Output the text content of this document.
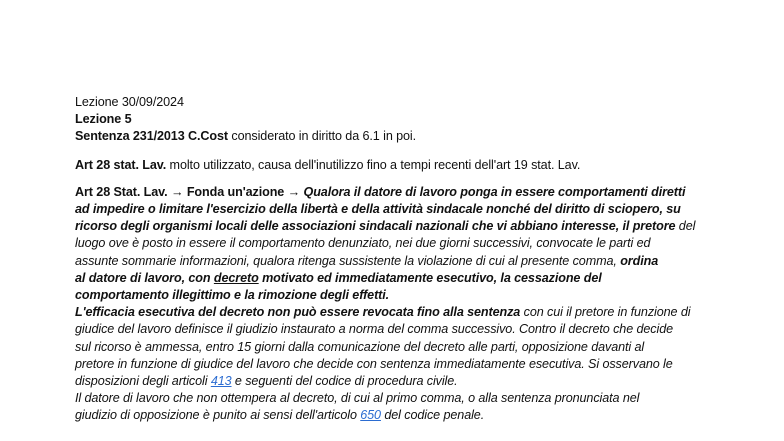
Lezione 30/09/2024
Lezione 5
Sentenza 231/2013 C.Cost considerato in diritto da 6.1 in poi.
Art 28 stat. Lav. molto utilizzato, causa dell'inutilizzo fino a tempi recenti dell'art 19 stat. Lav.
Art 28 Stat. Lav. → Fonda un'azione → Qualora il datore di lavoro ponga in essere comportamenti diretti
ad impedire o limitare l'esercizio della libertà e della attività sindacale nonché del diritto di sciopero, su
ricorso degli organismi locali delle associazioni sindacali nazionali che vi abbiano interesse, il pretore del
luogo ove è posto in essere il comportamento denunziato, nei due giorni successivi, convocate le parti ed
assunte sommarie informazioni, qualora ritenga sussistente la violazione di cui al presente comma, ordina
al datore di lavoro, con decreto motivato ed immediatamente esecutivo, la cessazione del
comportamento illegittimo e la rimozione degli effetti.
L'efficacia esecutiva del decreto non può essere revocata fino alla sentenza con cui il pretore in funzione di
giudice del lavoro definisce il giudizio instaurato a norma del comma successivo. Contro il decreto che decide
sul ricorso è ammessa, entro 15 giorni dalla comunicazione del decreto alle parti, opposizione davanti al
pretore in funzione di giudice del lavoro che decide con sentenza immediatamente esecutiva. Si osservano le
disposizioni degli articoli 413 e seguenti del codice di procedura civile.
Il datore di lavoro che non ottempera al decreto, di cui al primo comma, o alla sentenza pronunciata nel
giudizio di opposizione è punito ai sensi dell'articolo 650 del codice penale.
